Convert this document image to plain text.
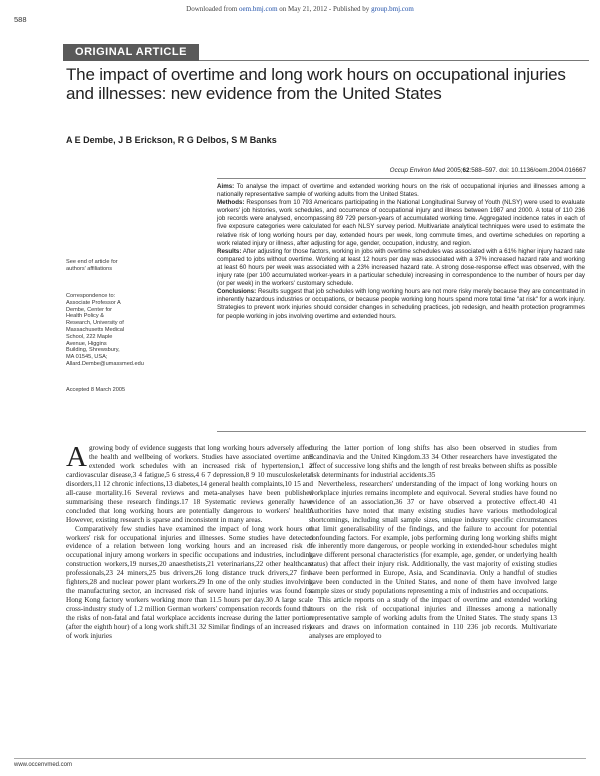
Downloaded from oem.bmj.com on May 21, 2012 - Published by group.bmj.com
588
ORIGINAL ARTICLE
The impact of overtime and long work hours on occupational injuries and illnesses: new evidence from the United States
A E Dembe, J B Erickson, R G Delbos, S M Banks
Occup Environ Med 2005;62:588–597. doi: 10.1136/oem.2004.016667

Aims: To analyse the impact of overtime and extended working hours on the risk of occupational injuries and illnesses among a nationally representative sample of working adults from the United States.

Methods: Responses from 10 793 Americans participating in the National Longitudinal Survey of Youth (NLSY) were used to evaluate workers' job histories, work schedules, and occurrence of occupational injury and illness between 1987 and 2000. A total of 110 236 job records were analysed, encompassing 89 729 person-years of accumulated working time. Aggregated incidence rates in each of five exposure categories were calculated for each NLSY survey period. Multivariate analytical techniques were used to estimate the relative risk of long working hours per day, extended hours per week, long commute times, and overtime schedules on reporting a work related injury or illness, after adjusting for age, gender, occupation, industry, and region.

Results: After adjusting for those factors, working in jobs with overtime schedules was associated with a 61% higher injury hazard rate compared to jobs without overtime. Working at least 12 hours per day was associated with a 37% increased hazard rate and working at least 60 hours per week was associated with a 23% increased hazard rate. A strong dose-response effect was observed, with the injury rate (per 100 accumulated worker-years in a particular schedule) increasing in correspondence to the number of hours per day (or per week) in the workers' customary schedule.

Conclusions: Results suggest that job schedules with long working hours are not more risky merely because they are concentrated in inherently hazardous industries or occupations, or because people working long hours spend more total time "at risk" for a work injury. Strategies to prevent work injuries should consider changes in scheduling practices, job redesign, and health protection programmes for people working in jobs involving overtime and extended hours.

See end of article for authors' affiliations
Correspondence to: Associate Professor A Dembe, Center for Health Policy & Research, University of Massachusetts Medical School, 222 Maple Avenue, Higgins Building, Shrewsbury, MA 01545, USA; Allard.Dembe@umassmed.edu
Accepted 8 March 2005

Agrowing body of evidence suggests that long working hours adversely affect the health and wellbeing of workers. Studies have associated overtime and extended work schedules with an increased risk of hypertension,1 2 cardiovascular disease,3 4 fatigue,5 6 stress,4 6 7 depression,8 9 10 musculoskeletal disorders,11 12 chronic infections,13 diabetes,14 general health complaints,10 15 and all-cause mortality.16 Several reviews and meta-analyses have been published summarising these research findings.17 18 Systematic reviews generally have concluded that long working hours are potentially dangerous to workers' health. However, existing research is sparse and inconsistent in many areas.

Comparatively few studies have examined the impact of long work hours on workers' risk for occupational injuries and illnesses. Some studies have detected evidence of a relation between long working hours and an increased risk of occupational injury among workers in specific occupations and industries, including construction workers,19 nurses,20 anaesthetists,21 veterinarians,22 other healthcare professionals,23 24 miners,25 bus drivers,26 long distance truck drivers,27 fire-fighters,28 and nuclear power plant workers.29 In one of the only studies involving the manufacturing sector, an increased risk of severe hand injuries was found for Hong Kong factory workers working more than 11.5 hours per day.30 A large scale cross-industry study of 1.2 million German workers' compensation records found that the risks of non-fatal and fatal workplace accidents increase during the latter portion (after the eighth hour) of a long work shift.31 32 Similar findings of an increased risk of work injuries

during the latter portion of long shifts has also been observed in studies from Scandinavia and the United Kingdom.33 34 Other researchers have investigated the affect of successive long shifts and the length of rest breaks between shifts as possible risk determinants for industrial accidents.35

Nevertheless, researchers' understanding of the impact of long working hours on workplace injuries remains incomplete and equivocal. Several studies have found no evidence of an association,36 37 or have observed a protective effect.40 41 Authorities have noted that many existing studies have various methodological shortcomings, including small sample sizes, unique industry specific circumstances that limit generalisability of the findings, and the failure to account for potential confounding factors. For example, jobs performing during long working shifts might be inherently more dangerous, or people working in extended-hour schedules might have different personal characteristics (for example, age, gender, or underlying health status) that affect their injury risk. Additionally, the vast majority of existing studies have been performed in Europe, Asia, and Scandinavia. Only a handful of studies have been conducted in the United States, and none of them have involved large sample sizes or study populations representing a mix of industries and occupations.

This article reports on a study of the impact of overtime and extended working hours on the risk of occupational injuries and illnesses among a nationally representative sample of working adults from the United States. The study spans 13 years and draws on information contained in 110 236 job records. Multivariate analyses are employed to

www.occenvmed.com
